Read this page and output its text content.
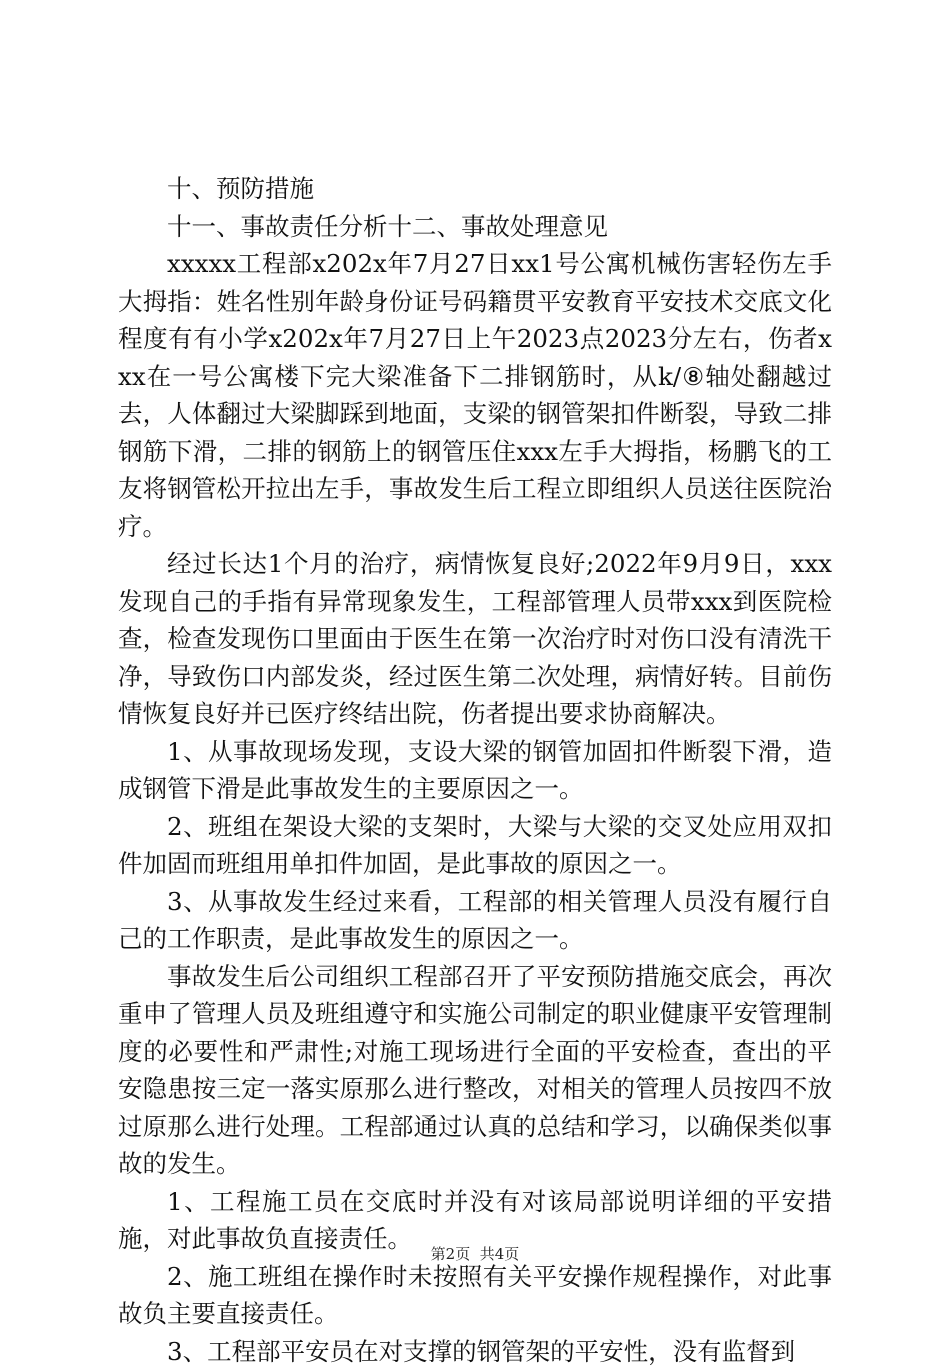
十、预防措施

十一、事故责任分析十二、事故处理意见

xxxxx工程部x202x年7月27日xx1号公寓机械伤害轻伤左手大拇指：姓名性别年龄身份证号码籍贯平安教育平安技术交底文化程度有有小学x202x年7月27日上午2023点2023分左右，伤者xxx在一号公寓楼下完大梁准备下二排钢筋时，从k/⑧轴处翻越过去，人体翻过大梁脚踩到地面，支梁的钢管架扣件断裂，导致二排钢筋下滑，二排的钢筋上的钢管压住xxx左手大拇指，杨鹏飞的工友将钢管松开拉出左手，事故发生后工程立即组织人员送往医院治疗。

经过长达1个月的治疗，病情恢复良好;2022年9月9日，xxx发现自己的手指有异常现象发生，工程部管理人员带xxx到医院检查，检查发现伤口里面由于医生在第一次治疗时对伤口没有清洗干净，导致伤口内部发炎，经过医生第二次处理，病情好转。目前伤情恢复良好并已医疗终结出院，伤者提出要求协商解决。

1、从事故现场发现，支设大梁的钢管加固扣件断裂下滑，造成钢管下滑是此事故发生的主要原因之一。

2、班组在架设大梁的支架时，大梁与大梁的交叉处应用双扣件加固而班组用单扣件加固，是此事故的原因之一。

3、从事故发生经过来看，工程部的相关管理人员没有履行自己的工作职责，是此事故发生的原因之一。

事故发生后公司组织工程部召开了平安预防措施交底会，再次重申了管理人员及班组遵守和实施公司制定的职业健康平安管理制度的必要性和严肃性;对施工现场进行全面的平安检查，查出的平安隐患按三定一落实原那么进行整改，对相关的管理人员按四不放过原那么进行处理。工程部通过认真的总结和学习，以确保类似事故的发生。

1、工程施工员在交底时并没有对该局部说明详细的平安措施，对此事故负直接责任。

2、施工班组在操作时未按照有关平安操作规程操作，对此事故负主要直接责任。

3、工程部平安员在对支撑的钢管架的平安性，没有监督到

第2页 共4页
